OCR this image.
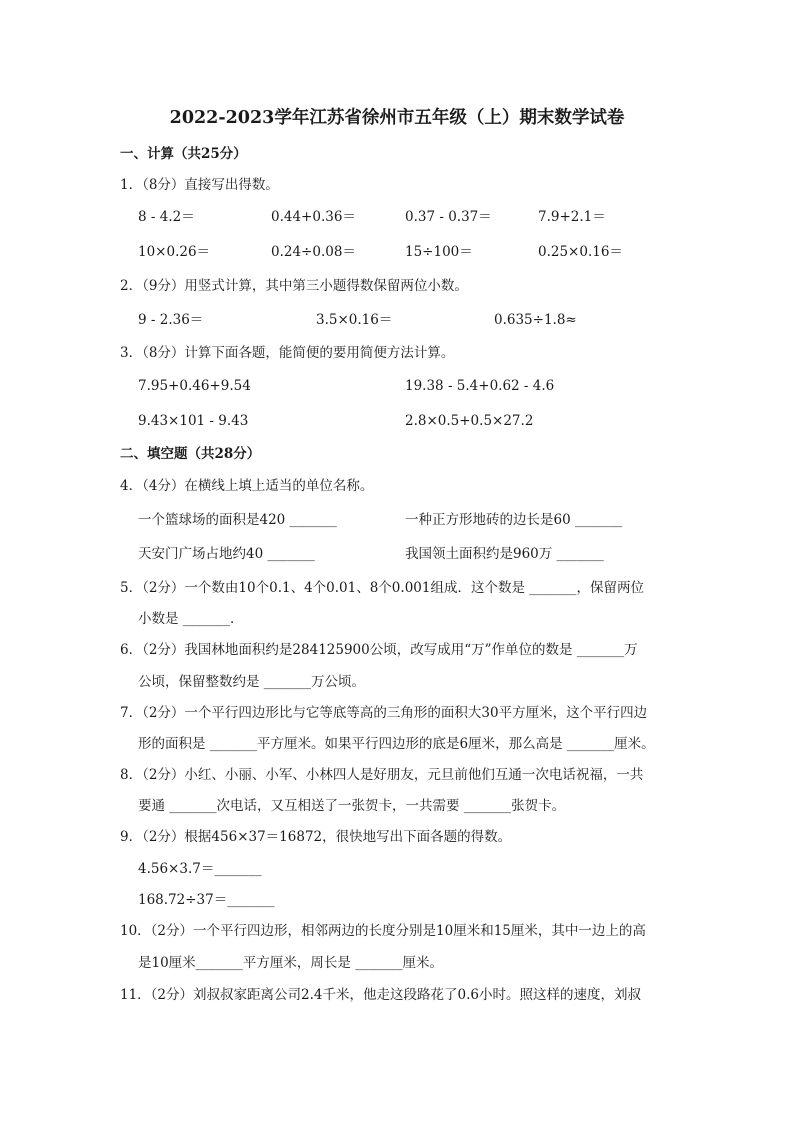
2022-2023学年江苏省徐州市五年级（上）期末数学试卷
一、计算（共25分）
1．（8分）直接写出得数。
8 - 4.2＝	0.44+0.36＝	0.37 - 0.37＝	7.9+2.1＝
10×0.26＝	0.24÷0.08＝	15÷100＝	0.25×0.16＝
2．（9分）用竖式计算，其中第三小题得数保留两位小数。
9 - 2.36＝	3.5×0.16＝	0.635÷1.8≈
3．（8分）计算下面各题，能简便的要用简便方法计算。
7.95+0.46+9.54	19.38 - 5.4+0.62 - 4.6
9.43×101 - 9.43	2.8×0.5+0.5×27.2
二、填空题（共28分）
4．（4分）在横线上填上适当的单位名称。
一个篮球场的面积是420 _______	一种正方形地砖的边长是60 _______
天安门广场占地约40 _______	我国领土面积约是960万 _______
5．（2分）一个数由10个0.1、4个0.01、8个0.001组成．这个数是 _______，保留两位
小数是 _______．
6．（2分）我国林地面积约是284125900公顷，改写成用“万”作单位的数是 _______万
公顷，保留整数约是 _______万公顷。
7．（2分）一个平行四边形比与它等底等高的三角形的面积大30平方厘米，这个平行四边
形的面积是 _______平方厘米。如果平行四边形的底是6厘米，那么高是 _______厘米。
8．（2分）小红、小丽、小军、小林四人是好朋友，元旦前他们互通一次电话祝福，一共
要通 _______次电话，又互相送了一张贺卡，一共需要 _______张贺卡。
9．（2分）根据456×37＝16872，很快地写出下面各题的得数。
4.56×3.7＝_______
168.72÷37＝_______
10．（2分）一个平行四边形，相邻两边的长度分别是10厘米和15厘米，其中一边上的高
是10厘米_______平方厘米，周长是 _______厘米。
11．（2分）刘叔叔家距离公司2.4千米，他走这段路花了0.6小时。照这样的速度，刘叔
